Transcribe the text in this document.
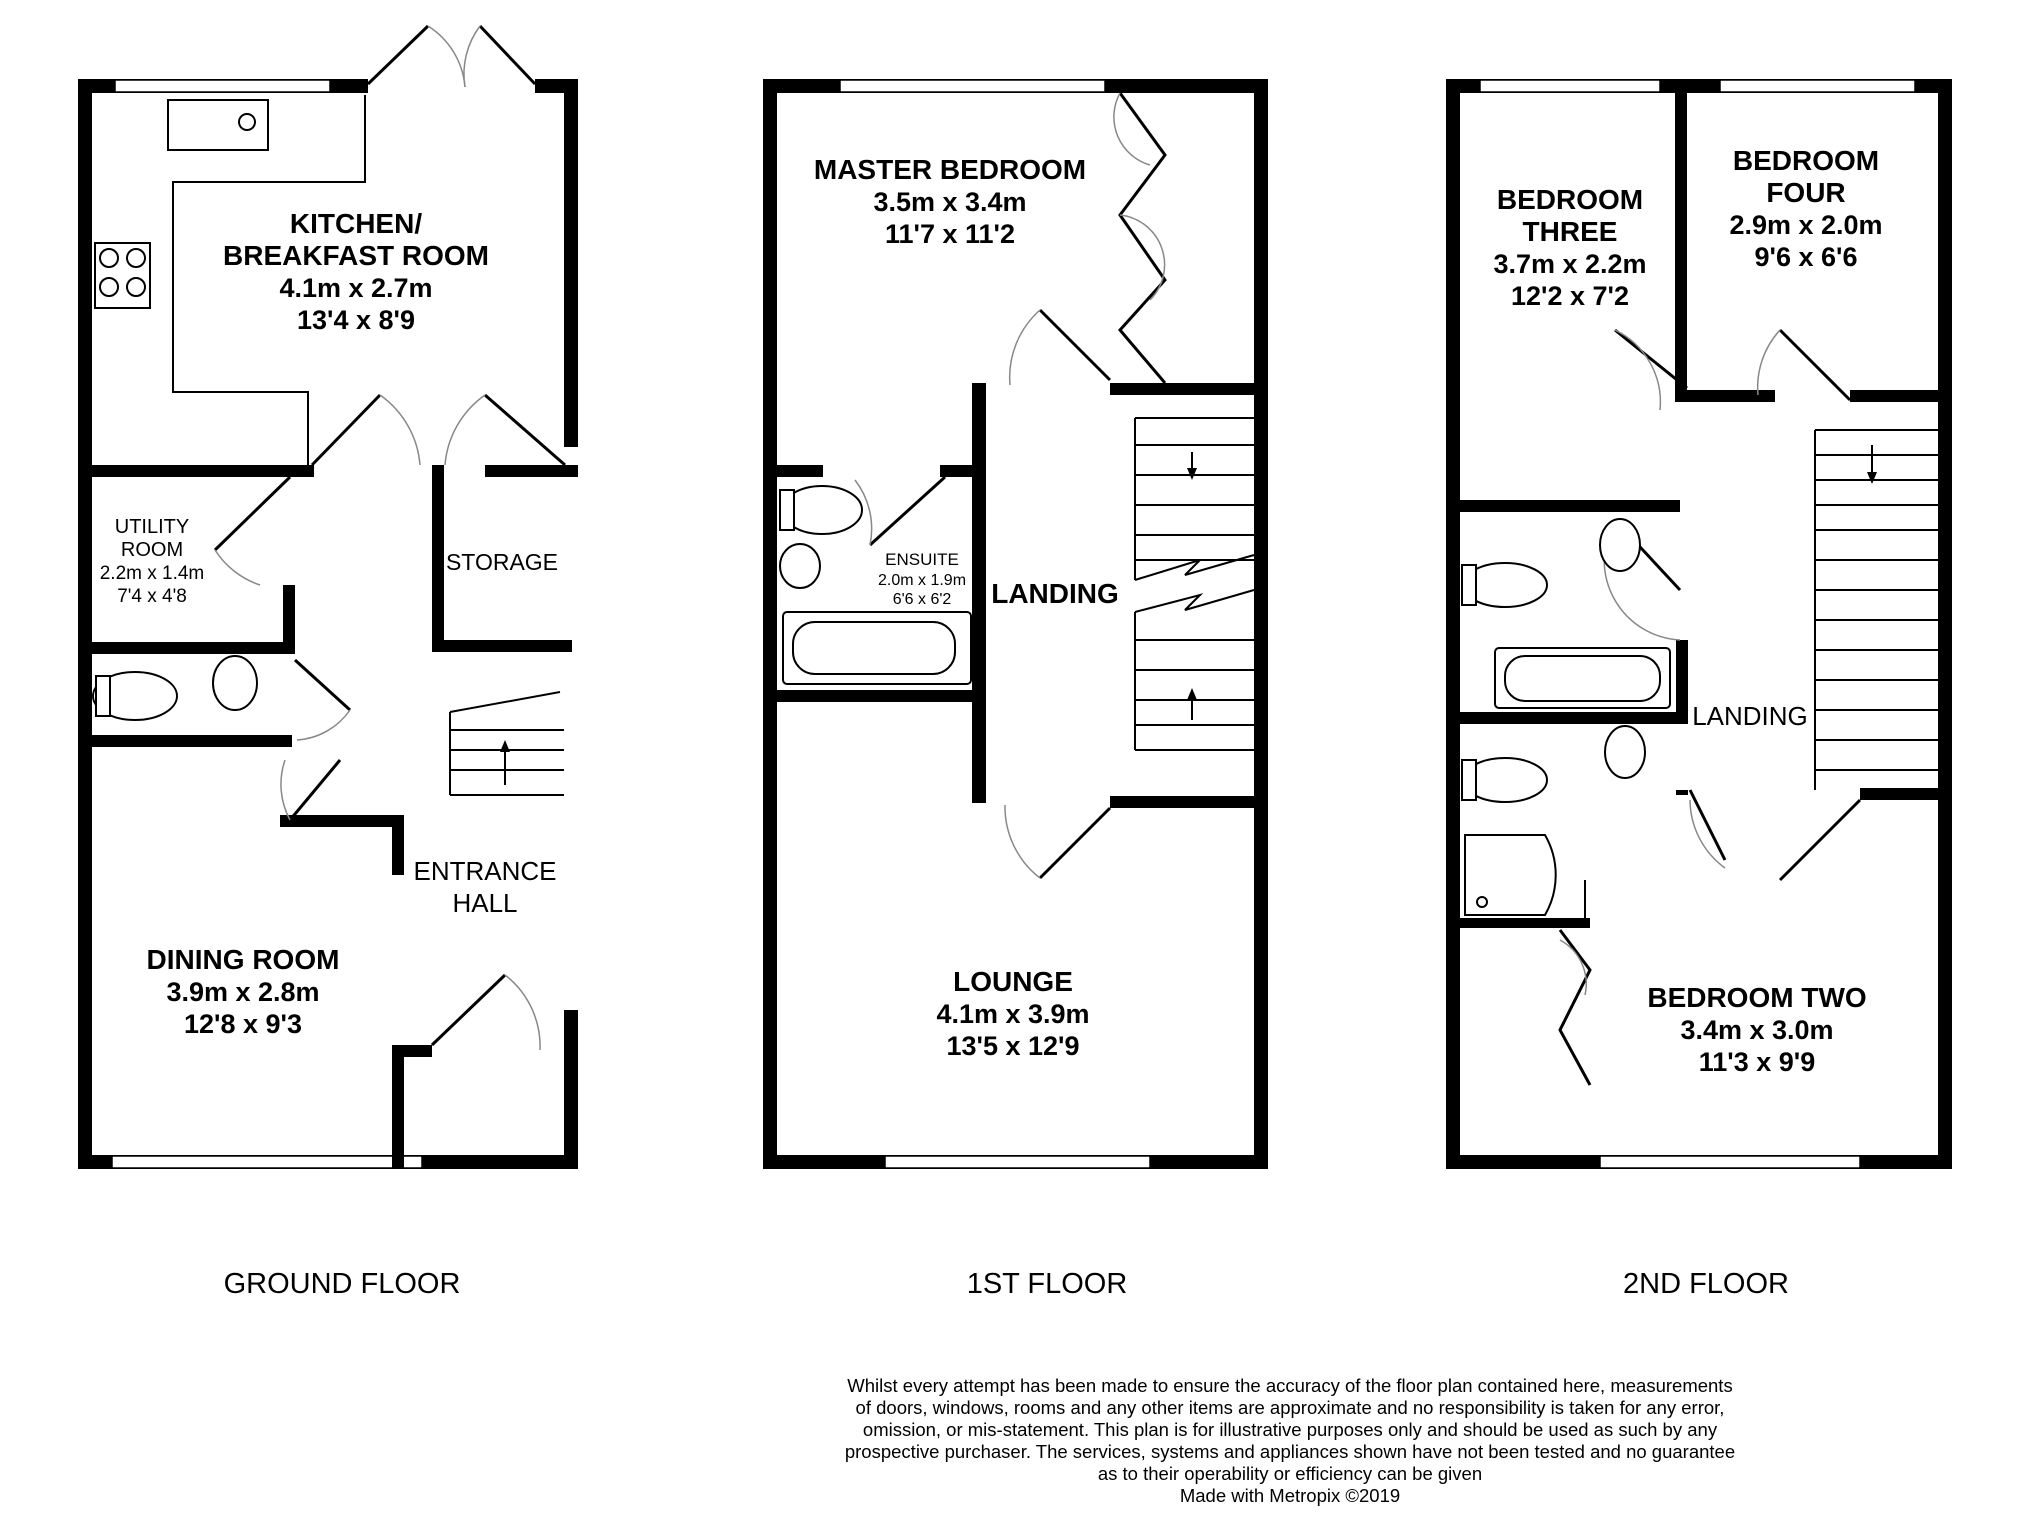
KITCHEN/
BREAKFAST ROOM
4.1m x 2.7m
13'4 x 8'9
UTILITY
ROOM
2.2m x 1.4m
7'4 x 4'8
STORAGE
ENTRANCE
HALL
DINING ROOM
3.9m x 2.8m
12'8 x 9'3
MASTER BEDROOM
3.5m x 3.4m
11'7 x 11'2
ENSUITE
2.0m x 1.9m
6'6 x 6'2 LANDING
LOUNGE
4.1m x 3.9m
13'5 x 12'9
BEDROOM
THREE
3.7m x 2.2m
12'2 x 7'2
BEDROOM
FOUR
2.9m x 2.0m
9'6 x 6'6
LANDING
BEDROOM TWO
3.4m x 3.0m
11'3 x 9'9
GROUND FLOOR	1ST FLOOR	2ND FLOOR
Whilst every attempt has been made to ensure the accuracy of the floor plan contained here, measurements
of doors, windows, rooms and any other items are approximate and no responsibility is taken for any error,
omission, or mis-statement. This plan is for illustrative purposes only and should be used as such by any
prospective purchaser. The services, systems and appliances shown have not been tested and no guarantee
as to their operability or efficiency can be given
Made with Metropix ©2019
